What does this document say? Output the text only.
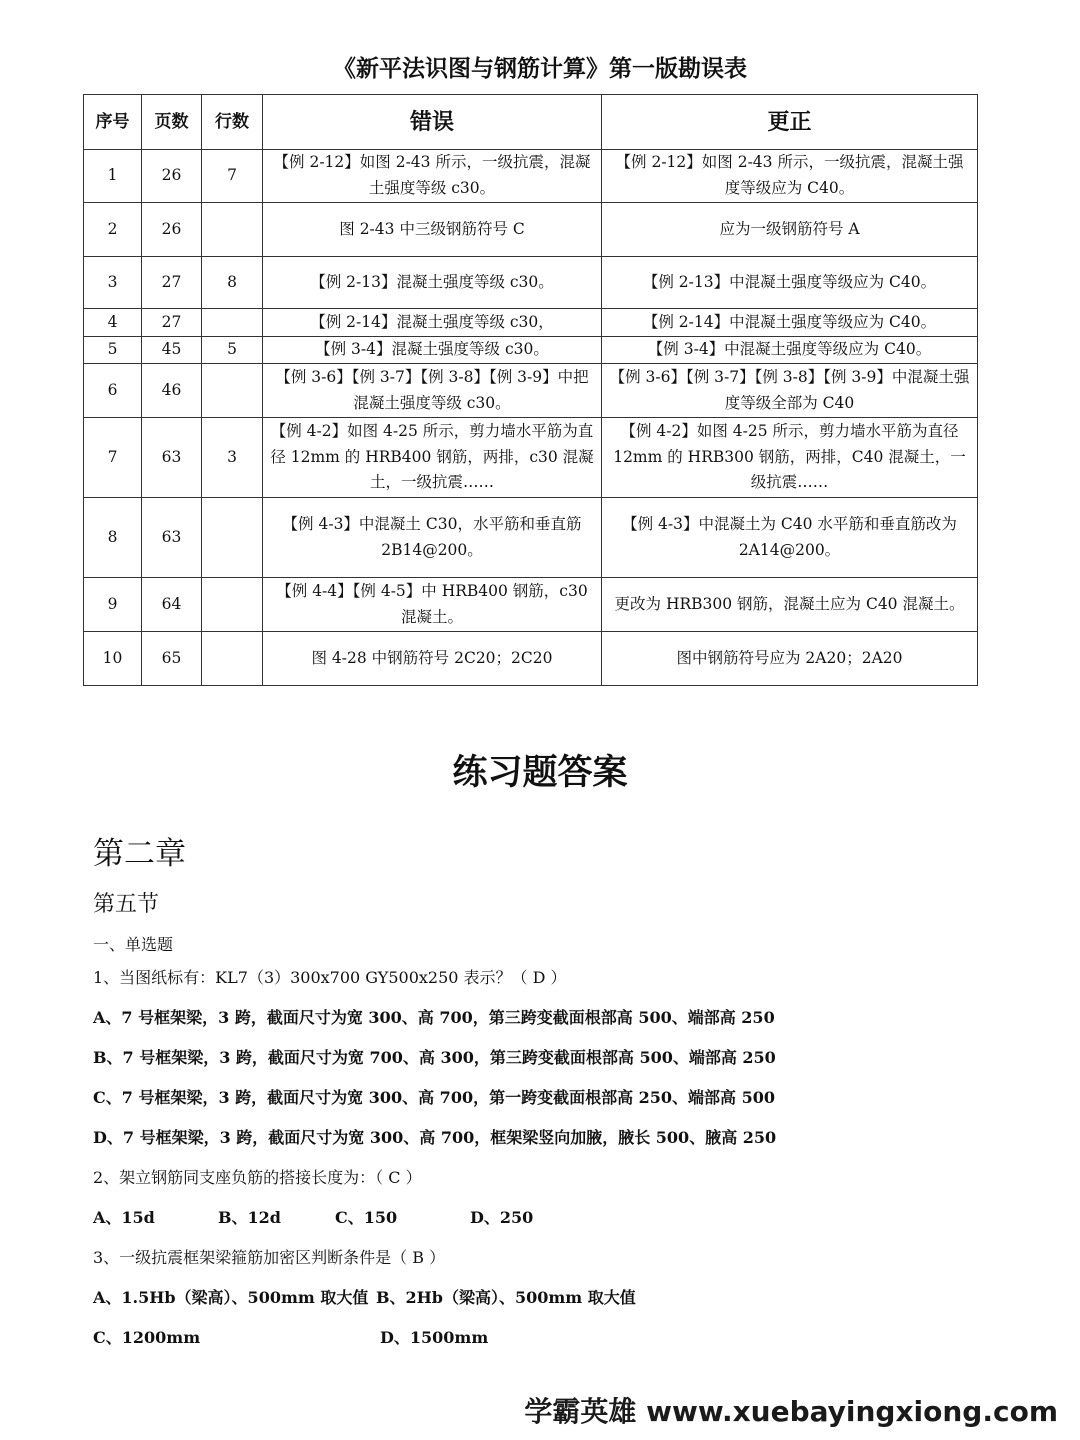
《新平法识图与钢筋计算》第一版勘误表
序号	页数	行数	错误	更正
1	26	7	【例 2-12】如图 2-43 所示，一级抗震，混凝土强度等级 c30。	【例 2-12】如图 2-43 所示，一级抗震，混凝土强度等级应为 C40。
2	26		图 2-43 中三级钢筋符号 C	应为一级钢筋符号 A
3	27	8	【例 2-13】混凝土强度等级 c30。	【例 2-13】中混凝土强度等级应为 C40。
4	27		【例 2-14】混凝土强度等级 c30，	【例 2-14】中混凝土强度等级应为 C40。
5	45	5	【例 3-4】混凝土强度等级 c30。	【例 3-4】中混凝土强度等级应为 C40。
6	46		【例 3-6】【例 3-7】【例 3-8】【例 3-9】中把混凝土强度等级 c30。	【例 3-6】【例 3-7】【例 3-8】【例 3-9】中混凝土强度等级全部为 C40
7	63	3	【例 4-2】如图 4-25 所示，剪力墙水平筋为直径 12mm 的 HRB400 钢筋，两排，c30 混凝土，一级抗震……	【例 4-2】如图 4-25 所示，剪力墙水平筋为直径 12mm 的 HRB300 钢筋，两排，C40 混凝土，一级抗震……
8	63		【例 4-3】中混凝土 C30，水平筋和垂直筋 2B14@200。	【例 4-3】中混凝土为 C40 水平筋和垂直筋改为 2A14@200。
9	64		【例 4-4】【例 4-5】中 HRB400 钢筋，c30 混凝土。	更改为 HRB300 钢筋，混凝土应为 C40 混凝土。
10	65		图 4-28 中钢筋符号 2C20；2C20	图中钢筋符号应为 2A20；2A20
练习题答案
第二章
第五节
一、单选题
1、当图纸标有：KL7（3）300x700 GY500x250 表示？（ D ）
A、7 号框架梁，3 跨，截面尺寸为宽 300、高 700，第三跨变截面根部高 500、端部高 250
B、7 号框架梁，3 跨，截面尺寸为宽 700、高 300，第三跨变截面根部高 500、端部高 250
C、7 号框架梁，3 跨，截面尺寸为宽 300、高 700，第一跨变截面根部高 250、端部高 500
D、7 号框架梁，3 跨，截面尺寸为宽 300、高 700，框架梁竖向加腋，腋长 500、腋高 250
2、架立钢筋同支座负筋的搭接长度为：（ C ）
A、15d	B、12d	C、150	D、250
3、一级抗震框架梁箍筋加密区判断条件是（ B ）
A、1.5Hb（梁高）、500mm 取大值 B、2Hb（梁高）、500mm 取大值
C、1200mm	D、1500mm
学霸英雄 www.xuebayingxiong.com
